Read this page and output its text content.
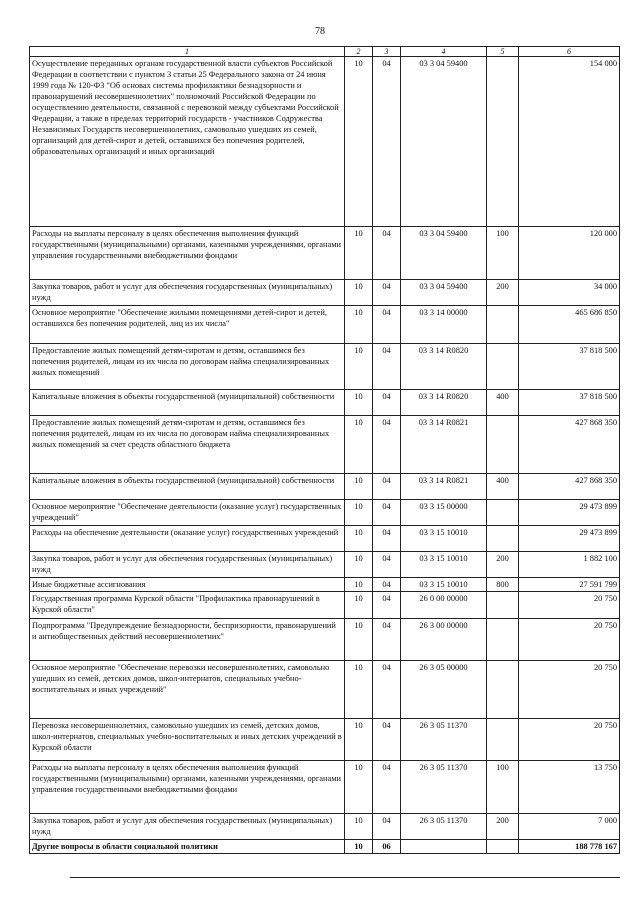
78
1	2	3	4	5	6
Осуществление переданных органам государственной власти субъектов Российской Федерации в соответствии с пунктом 3 статьи 25 Федерального закона от 24 июня 1999 года № 120-ФЗ "Об основах системы профилактики безнадзорности и правонарушений несовершеннолетних" полномочий Российской Федерации по осуществлению деятельности, связанной с перевозкой между субъектами Российской Федерации, а также в пределах территорий государств - участников Содружества Независимых Государств несовершеннолетних, самовольно ушедших из семей, организаций для детей-сирот и детей, оставшихся без попечения родителей, образовательных организаций и иных организаций	10	04	03 3 04 59400		154 000
Расходы на выплаты персоналу в целях обеспечения выполнения функций государственными (муниципальными) органами, казенными учреждениями, органами управления государственными внебюджетными фондами	10	04	03 3 04 59400	100	120 000
Закупка товаров, работ и услуг для обеспечения государственных (муниципальных) нужд	10	04	03 3 04 59400	200	34 000
Основное мероприятие "Обеспечение жилыми помещениями детей-сирот и детей, оставшихся без попечения родителей, лиц из их числа"	10	04	03 3 14 00000		465 686 850
Предоставление жилых помещений детям-сиротам и детям, оставшимся без попечения родителей, лицам из их числа по договорам найма специализированных жилых помещений	10	04	03 3 14 R0820		37 818 500
Капитальные вложения в объекты государственной (муниципальной) собственности	10	04	03 3 14 R0820	400	37 818 500
Предоставление жилых помещений детям-сиротам и детям, оставшимся без попечения родителей, лицам из их числа по договорам найма специализированных жилых помещений за счет средств областного бюджета	10	04	03 3 14 R0821		427 868 350
Капитальные вложения в объекты государственной (муниципальной) собственности	10	04	03 3 14 R0821	400	427 868 350
Основное мероприятие "Обеспечение деятельности (оказание услуг) государственных учреждений"	10	04	03 3 15 00000		29 473 899
Расходы на обеспечение деятельности (оказание услуг) государственных учреждений	10	04	03 3 15 10010		29 473 899
Закупка товаров, работ и услуг для обеспечения государственных (муниципальных) нужд	10	04	03 3 15 10010	200	1 882 100
Иные бюджетные ассигнования	10	04	03 3 15 10010	800	27 591 799
Государственная программа Курской области "Профилактика правонарушений в Курской области"	10	04	26 0 00 00000		20 750
Подпрограмма "Предупреждение безнадзорности, беспризорности, правонарушений и антиобщественных действий несовершеннолетних"	10	04	26 3 00 00000		20 750
Основное мероприятие "Обеспечение перевозки несовершеннолетних, самовольно ушедших из семей, детских домов, школ-интернатов, специальных учебно-воспитательных и иных учреждений"	10	04	26 3 05 00000		20 750
Перевозка несовершеннолетних, самовольно ушедших из семей, детских домов, школ-интернатов, специальных учебно-воспитательных и иных детских учреждений в Курской области	10	04	26 3 05 11370		20 750
Расходы на выплаты персоналу в целях обеспечения выполнения функций государственными (муниципальными) органами, казенными учреждениями, органами управления государственными внебюджетными фондами	10	04	26 3 05 11370	100	13 750
Закупка товаров, работ и услуг для обеспечения государственных (муниципальных) нужд	10	04	26 3 05 11370	200	7 000
Другие вопросы в области социальной политики	10	06			188 778 167
